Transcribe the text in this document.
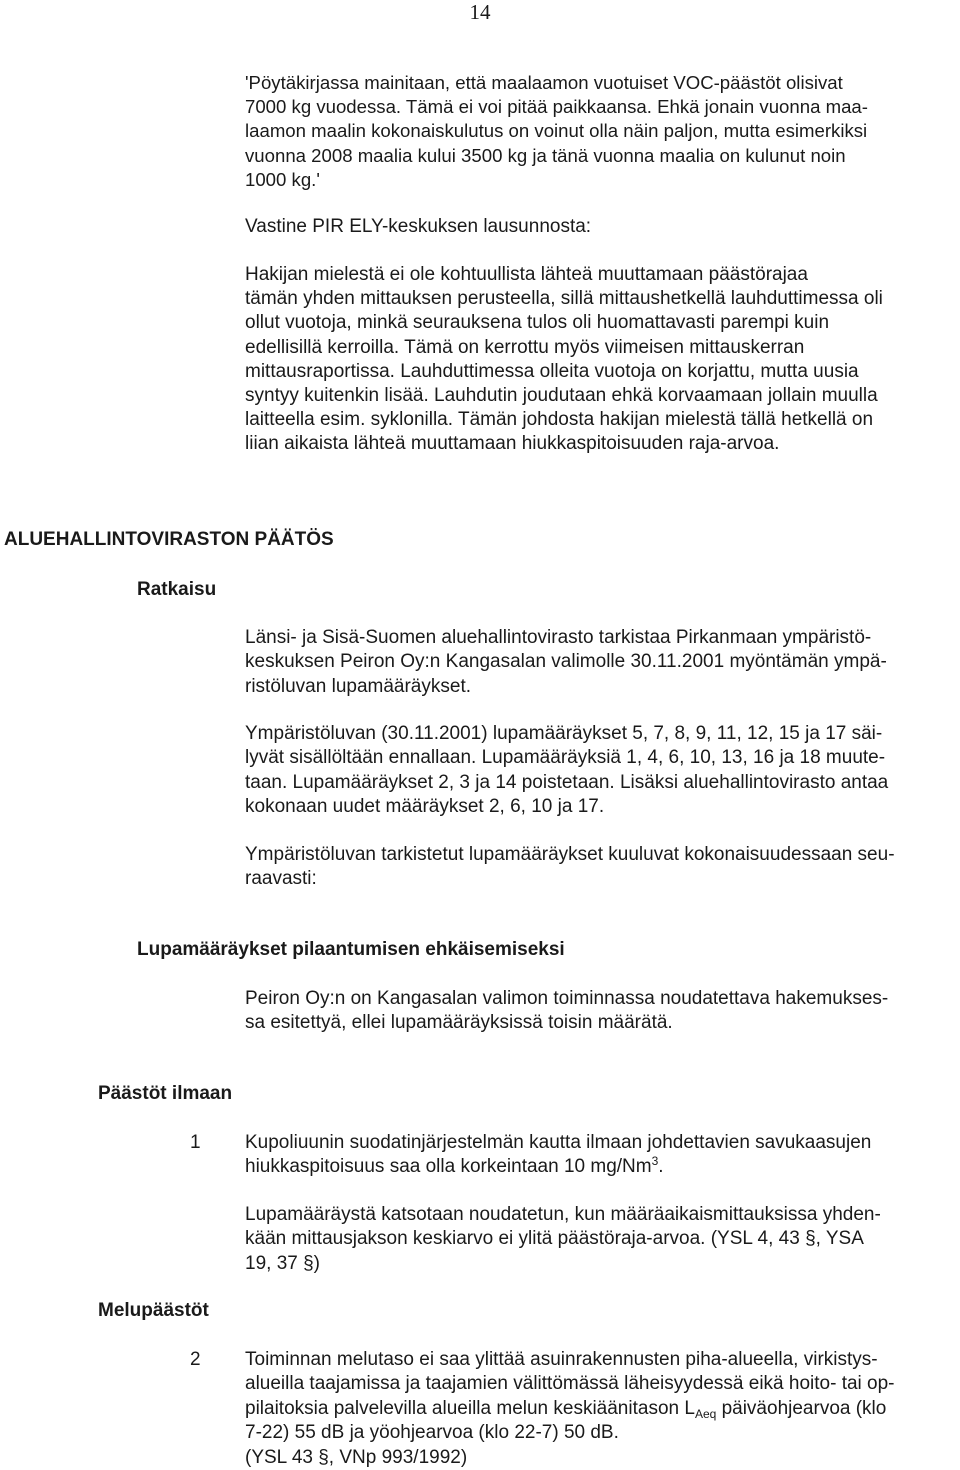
14
'Pöytäkirjassa mainitaan, että maalaamon vuotuiset VOC-päästöt olisivat
7000 kg vuodessa. Tämä ei voi pitää paikkaansa. Ehkä jonain vuonna maa-
laamon maalin kokonaiskulutus on voinut olla näin paljon, mutta esimerkiksi
vuonna 2008 maalia kului 3500 kg ja tänä vuonna maalia on kulunut noin
1000 kg.'
Vastine PIR ELY-keskuksen lausunnosta:
Hakijan mielestä ei ole kohtuullista lähteä muuttamaan päästörajaa
tämän yhden mittauksen perusteella, sillä mittaushetkellä lauhduttimessa oli
ollut vuotoja, minkä seurauksena tulos oli huomattavasti parempi kuin
edellisillä kerroilla. Tämä on kerrottu myös viimeisen mittauskerran
mittausraportissa. Lauhduttimessa olleita vuotoja on korjattu, mutta uusia
syntyy kuitenkin lisää. Lauhdutin joudutaan ehkä korvaamaan jollain muulla
laitteella esim. syklonilla. Tämän johdosta hakijan mielestä tällä hetkellä on
liian aikaista lähteä muuttamaan hiukkaspitoisuuden raja-arvoa.
ALUEHALLINTOVIRASTON PÄÄTÖS
Ratkaisu
Länsi- ja Sisä-Suomen aluehallintovirasto tarkistaa Pirkanmaan ympäristö-
keskuksen Peiron Oy:n Kangasalan valimolle 30.11.2001 myöntämän ympä-
ristöluvan lupamääräykset.
Ympäristöluvan (30.11.2001) lupamääräykset 5, 7, 8, 9, 11, 12, 15 ja 17 säi-
lyvät sisällöltään ennallaan. Lupamääräyksiä 1, 4, 6, 10, 13, 16 ja 18 muute-
taan. Lupamääräykset 2, 3 ja 14 poistetaan. Lisäksi aluehallintovirasto antaa
kokonaan uudet määräykset 2, 6, 10 ja 17.
Ympäristöluvan tarkistetut lupamääräykset kuuluvat kokonaisuudessaan seu-
raavasti:
Lupamääräykset pilaantumisen ehkäisemiseksi
Peiron Oy:n on Kangasalan valimon toiminnassa noudatettava hakemukses-
sa esitettyä, ellei lupamääräyksissä toisin määrätä.
Päästöt ilmaan
1 Kupoliuunin suodatinjärjestelmän kautta ilmaan johdettavien savukaasujen
hiukkaspitoisuus saa olla korkeintaan 10 mg/Nm$^3$.
Lupamääräystä katsotaan noudatetun, kun määräaikaismittauksissa yhden-
kään mittausjakson keskiarvo ei ylitä päästöraja-arvoa. (YSL 4, 43 §, YSA
19, 37 §)
Melupäästöt
2 Toiminnan melutaso ei saa ylittää asuinrakennusten piha-alueella, virkistys-
alueilla taajamissa ja taajamien välittömässä läheisyydessä eikä hoito- tai op-
pilaitoksia palvelevilla alueilla melun keskiäänitason $L_{Aeq}$ päiväohjearvoa (klo
7-22) 55 dB ja yöohjearvoa (klo 22-7) 50 dB.
(YSL 43 §, VNp 993/1992)
